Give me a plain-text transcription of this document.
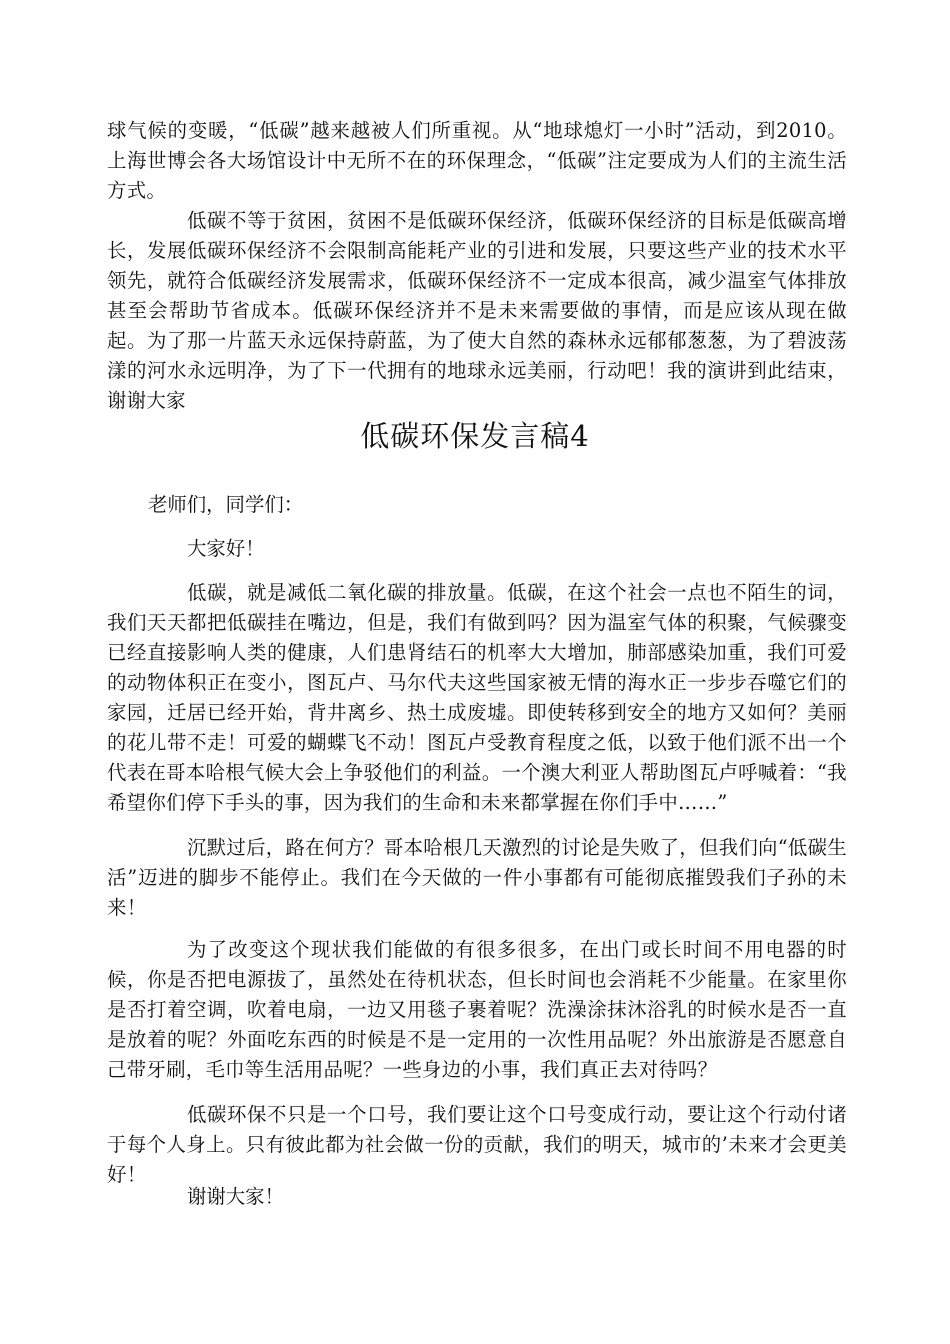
球气候的变暖，“低碳”越来越被人们所重视。从“地球熄灯一小时”活动，到2010。上海世博会各大场馆设计中无所不在的环保理念，“低碳”注定要成为人们的主流生活方式。

低碳不等于贫困，贫困不是低碳环保经济，低碳环保经济的目标是低碳高增长，发展低碳环保经济不会限制高能耗产业的引进和发展，只要这些产业的技术水平领先，就符合低碳经济发展需求，低碳环保经济不一定成本很高，减少温室气体排放甚至会帮助节省成本。低碳环保经济并不是未来需要做的事情，而是应该从现在做起。为了那一片蓝天永远保持蔚蓝，为了使大自然的森林永远郁郁葱葱，为了碧波荡漾的河水永远明净，为了下一代拥有的地球永远美丽，行动吧！我的演讲到此结束，谢谢大家

低碳环保发言稿4

老师们，同学们：

大家好！

低碳，就是减低二氧化碳的排放量。低碳，在这个社会一点也不陌生的词，我们天天都把低碳挂在嘴边，但是，我们有做到吗？因为温室气体的积聚，气候骤变已经直接影响人类的健康，人们患肾结石的机率大大增加，肺部感染加重，我们可爱的动物体积正在变小，图瓦卢、马尔代夫这些国家被无情的海水正一步步吞噬它们的家园，迁居已经开始，背井离乡、热土成废墟。即使转移到安全的地方又如何？美丽的花儿带不走！可爱的蝴蝶飞不动！图瓦卢受教育程度之低，以致于他们派不出一个代表在哥本哈根气候大会上争驳他们的利益。一个澳大利亚人帮助图瓦卢呼喊着：“我希望你们停下手头的事，因为我们的生命和未来都掌握在你们手中……”

沉默过后，路在何方？哥本哈根几天激烈的讨论是失败了，但我们向“低碳生活”迈进的脚步不能停止。我们在今天做的一件小事都有可能彻底摧毁我们子孙的未来！

为了改变这个现状我们能做的有很多很多，在出门或长时间不用电器的时候，你是否把电源拔了，虽然处在待机状态，但长时间也会消耗不少能量。在家里你是否打着空调，吹着电扇，一边又用毯子裹着呢？洗澡涂抹沐浴乳的时候水是否一直是放着的呢？外面吃东西的时候是不是一定用的一次性用品呢？外出旅游是否愿意自己带牙刷，毛巾等生活用品呢？一些身边的小事，我们真正去对待吗？

低碳环保不只是一个口号，我们要让这个口号变成行动，要让这个行动付诸于每个人身上。只有彼此都为社会做一份的贡献，我们的明天，城市的’未来才会更美好！

谢谢大家！
